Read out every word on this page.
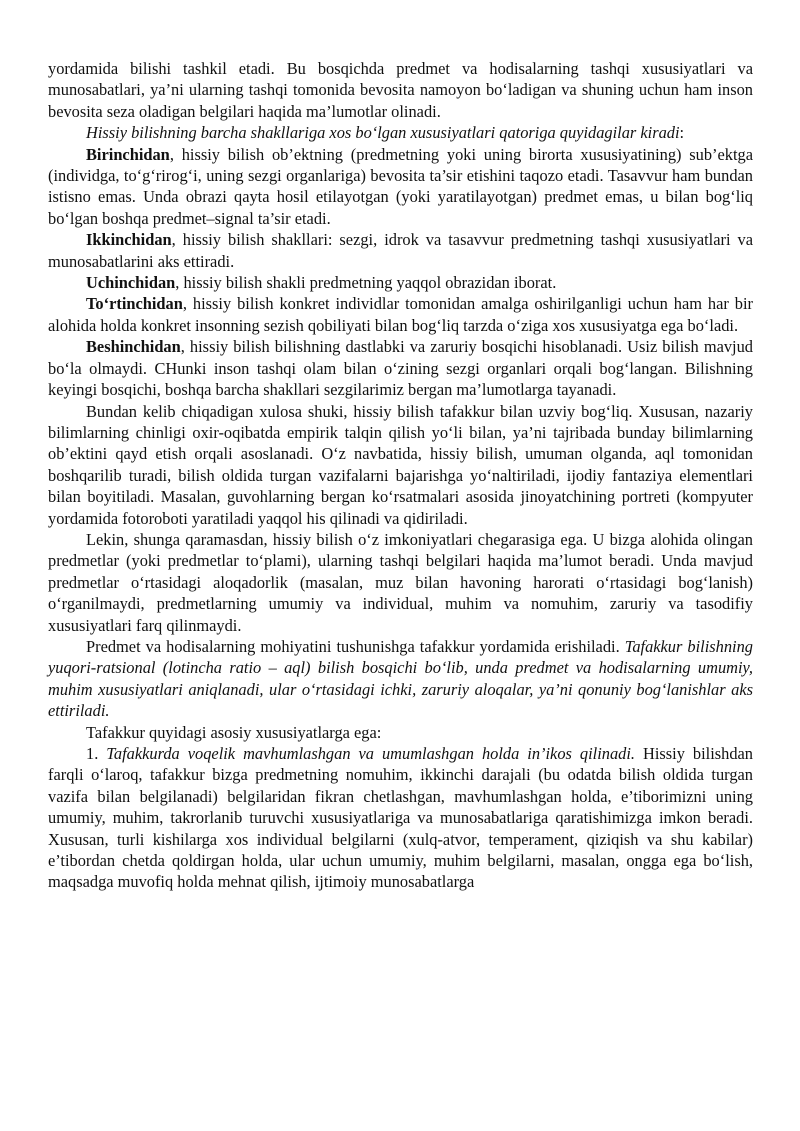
yordamida bilishi tashkil etadi. Bu bosqichda predmet va hodisalarning tashqi xususiyatlari va munosabatlari, ya’ni ularning tashqi tomonida bevosita namoyon bo‘ladigan va shuning uchun ham inson bevosita seza oladigan belgilari haqida ma’lumotlar olinadi.

Hissiy bilishning barcha shakllariga xos bo‘lgan xususiyatlari qatoriga quyidagilar kiradi:

Birinchidan, hissiy bilish ob’ektning (predmetning yoki uning birorta xususiyatining) sub’ektga (individga, to‘g‘rirog‘i, uning sezgi organlariga) bevosita ta’sir etishini taqozo etadi. Tasavvur ham bundan istisno emas. Unda obrazi qayta hosil etilayotgan (yoki yaratilayotgan) predmet emas, u bilan bog‘liq bo‘lgan boshqa predmet–signal ta’sir etadi.

Ikkinchidan, hissiy bilish shakllari: sezgi, idrok va tasavvur predmetning tashqi xususiyatlari va munosabatlarini aks ettiradi.

Uchinchidan, hissiy bilish shakli predmetning yaqqol obrazidan iborat.

To‘rtinchidan, hissiy bilish konkret individlar tomonidan amalga oshirilganligi uchun ham har bir alohida holda konkret insonning sezish qobiliyati bilan bog‘liq tarzda o‘ziga xos xususiyatga ega bo‘ladi.

Beshinchidan, hissiy bilish bilishning dastlabki va zaruriy bosqichi hisoblanadi. Usiz bilish mavjud bo‘la olmaydi. CHunki inson tashqi olam bilan o‘zining sezgi organlari orqali bog‘langan. Bilishning keyingi bosqichi, boshqa barcha shakllari sezgilarimiz bergan ma’lumotlarga tayanadi.

Bundan kelib chiqadigan xulosa shuki, hissiy bilish tafakkur bilan uzviy bog‘liq. Xususan, nazariy bilimlarning chinligi oxir-oqibatda empirik talqin qilish yo‘li bilan, ya’ni tajribada bunday bilimlarning ob’ektini qayd etish orqali asoslanadi. O‘z navbatida, hissiy bilish, umuman olganda, aql tomonidan boshqarilib turadi, bilish oldida turgan vazifalarni bajarishga yo‘naltiriladi, ijodiy fantaziya elementlari bilan boyitiladi. Masalan, guvohlarning bergan ko‘rsatmalari asosida jinoyatchining portreti (kompyuter yordamida fotoroboti yaratiladi yaqqol his qilinadi va qidiriladi.

Lekin, shunga qaramasdan, hissiy bilish o‘z imkoniyatlari chegarasiga ega. U bizga alohida olingan predmetlar (yoki predmetlar to‘plami), ularning tashqi belgilari haqida ma’lumot beradi. Unda mavjud predmetlar o‘rtasidagi aloqadorlik (masalan, muz bilan havoning harorati o‘rtasidagi bog‘lanish) o‘rganilmaydi, predmetlarning umumiy va individual, muhim va nomuhim, zaruriy va tasodifiy xususiyatlari farq qilinmaydi.

Predmet va hodisalarning mohiyatini tushunishga tafakkur yordamida erishiladi. Tafakkur bilishning yuqori-ratsional (lotincha ratio – aql) bilish bosqichi bo‘lib, unda predmet va hodisalarning umumiy, muhim xususiyatlari aniqlanadi, ular o‘rtasidagi ichki, zaruriy aloqalar, ya’ni qonuniy bog‘lanishlar aks ettiriladi.

Tafakkur quyidagi asosiy xususiyatlarga ega:

1. Tafakkurda voqelik mavhumlashgan va umumlashgan holda in’ikos qilinadi. Hissiy bilishdan farqli o‘laroq, tafakkur bizga predmetning nomuhim, ikkinchi darajali (bu odatda bilish oldida turgan vazifa bilan belgilanadi) belgilaridan fikran chetlashgan, mavhumlashgan holda, e’tiborimizni uning umumiy, muhim, takrorlanib turuvchi xususiyatlariga va munosabatlariga qaratishimizga imkon beradi. Xususan, turli kishilarga xos individual belgilarni (xulq-atvor, temperament, qiziqish va shu kabilar) e’tibordan chetda qoldirgan holda, ular uchun umumiy, muhim belgilarni, masalan, ongga ega bo‘lish, maqsadga muvofiq holda mehnat qilish, ijtimoiy munosabatlarga
